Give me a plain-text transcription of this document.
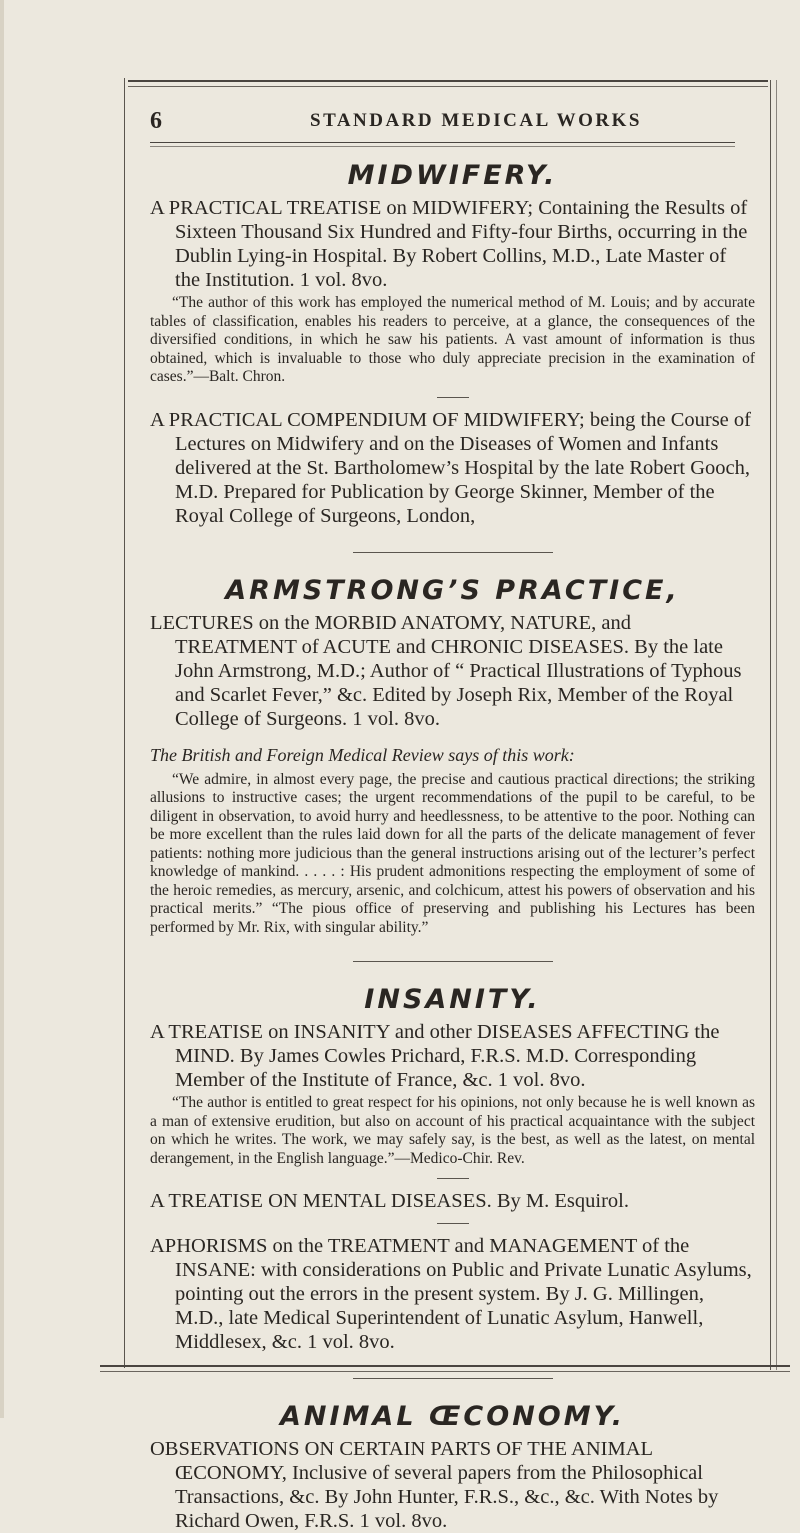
6	STANDARD MEDICAL WORKS
MIDWIFERY.

A PRACTICAL TREATISE on MIDWIFERY; Containing the Results of Sixteen Thousand Six Hundred and Fifty-four Births, occurring in the Dublin Lying-in Hospital. By Robert Collins, M.D., Late Master of the Institution. 1 vol. 8vo.

“The author of this work has employed the numerical method of M. Louis; and by accurate tables of classification, enables his readers to perceive, at a glance, the consequences of the diversified conditions, in which he saw his patients. A vast amount of information is thus obtained, which is invaluable to those who duly appreciate precision in the examination of cases.”—Balt. Chron.

A PRACTICAL COMPENDIUM OF MIDWIFERY; being the Course of Lectures on Midwifery and on the Diseases of Women and Infants delivered at the St. Bartholomew’s Hospital by the late Robert Gooch, M.D. Prepared for Publication by George Skinner, Member of the Royal College of Surgeons, London,

ARMSTRONG’S PRACTICE,

LECTURES on the MORBID ANATOMY, NATURE, and TREATMENT of ACUTE and CHRONIC DISEASES. By the late John Armstrong, M.D.; Author of “ Practical Illustrations of Typhous and Scarlet Fever,” &c. Edited by Joseph Rix, Member of the Royal College of Surgeons. 1 vol. 8vo.

The British and Foreign Medical Review says of this work:

“We admire, in almost every page, the precise and cautious practical directions; the striking allusions to instructive cases; the urgent recommendations of the pupil to be careful, to be diligent in observation, to avoid hurry and heedlessness, to be attentive to the poor. Nothing can be more excellent than the rules laid down for all the parts of the delicate management of fever patients: nothing more judicious than the general instructions arising out of the lecturer’s perfect knowledge of mankind. . . . . : His prudent admonitions respecting the employment of some of the heroic remedies, as mercury, arsenic, and colchicum, attest his powers of observation and his practical merits.” “The pious office of preserving and publishing his Lectures has been performed by Mr. Rix, with singular ability.”

INSANITY.

A TREATISE on INSANITY and other DISEASES AFFECTING the MIND. By James Cowles Prichard, F.R.S. M.D. Corresponding Member of the Institute of France, &c. 1 vol. 8vo.

“The author is entitled to great respect for his opinions, not only because he is well known as a man of extensive erudition, but also on account of his practical acquaintance with the subject on which he writes. The work, we may safely say, is the best, as well as the latest, on mental derangement, in the English language.”—Medico-Chir. Rev.

A TREATISE ON MENTAL DISEASES. By M. Esquirol.

APHORISMS on the TREATMENT and MANAGEMENT of the INSANE: with considerations on Public and Private Lunatic Asylums, pointing out the errors in the present system. By J. G. Millingen, M.D., late Medical Superintendent of Lunatic Asylum, Hanwell, Middlesex, &c. 1 vol. 8vo.

ANIMAL ŒCONOMY.

OBSERVATIONS ON CERTAIN PARTS OF THE ANIMAL ŒCONOMY, Inclusive of several papers from the Philosophical Transactions, &c. By John Hunter, F.R.S., &c., &c. With Notes by Richard Owen, F.R.S. 1 vol. 8vo.
